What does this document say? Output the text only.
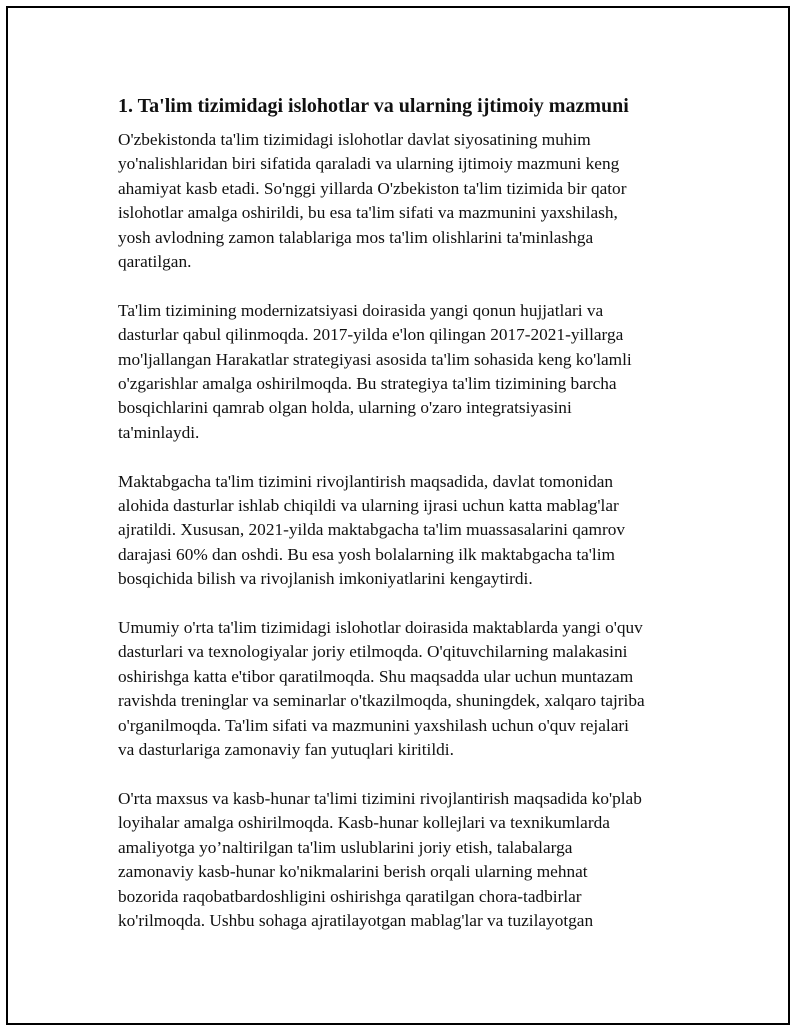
1. Ta'lim tizimidagi islohotlar va ularning ijtimoiy mazmuni
O'zbekistonda ta'lim tizimidagi islohotlar davlat siyosatining muhim
yo'nalishlaridan biri sifatida qaraladi va ularning ijtimoiy mazmuni keng
ahamiyat kasb etadi. So'nggi yillarda O'zbekiston ta'lim tizimida bir qator
islohotlar amalga oshirildi, bu esa ta'lim sifati va mazmunini yaxshilash,
yosh avlodning zamon talablariga mos ta'lim olishlarini ta'minlashga
qaratilgan.
Ta'lim tizimining modernizatsiyasi doirasida yangi qonun hujjatlari va
dasturlar qabul qilinmoqda. 2017-yilda e'lon qilingan 2017-2021-yillarga
mo'ljallangan Harakatlar strategiyasi asosida ta'lim sohasida keng ko'lamli
o'zgarishlar amalga oshirilmoqda. Bu strategiya ta'lim tizimining barcha
bosqichlarini qamrab olgan holda, ularning o'zaro integratsiyasini
ta'minlaydi.
Maktabgacha ta'lim tizimini rivojlantirish maqsadida, davlat tomonidan
alohida dasturlar ishlab chiqildi va ularning ijrasi uchun katta mablag'lar
ajratildi. Xususan, 2021-yilda maktabgacha ta'lim muassasalarini qamrov
darajasi 60% dan oshdi. Bu esa yosh bolalarning ilk maktabgacha ta'lim
bosqichida bilish va rivojlanish imkoniyatlarini kengaytirdi.
Umumiy o'rta ta'lim tizimidagi islohotlar doirasida maktablarda yangi o'quv
dasturlari va texnologiyalar joriy etilmoqda. O'qituvchilarning malakasini
oshirishga katta e'tibor qaratilmoqda. Shu maqsadda ular uchun muntazam
ravishda treninglar va seminarlar o'tkazilmoqda, shuningdek, xalqaro tajriba
o'rganilmoqda. Ta'lim sifati va mazmunini yaxshilash uchun o'quv rejalari
va dasturlariga zamonaviy fan yutuqlari kiritildi.
O'rta maxsus va kasb-hunar ta'limi tizimini rivojlantirish maqsadida ko'plab
loyihalar amalga oshirilmoqda. Kasb-hunar kollejlari va texnikumlarda
amaliyotga yo’naltirilgan ta'lim uslublarini joriy etish, talabalarga
zamonaviy kasb-hunar ko'nikmalarini berish orqali ularning mehnat
bozorida raqobatbardoshligini oshirishga qaratilgan chora-tadbirlar
ko'rilmoqda. Ushbu sohaga ajratilayotgan mablag'lar va tuzilayotgan
